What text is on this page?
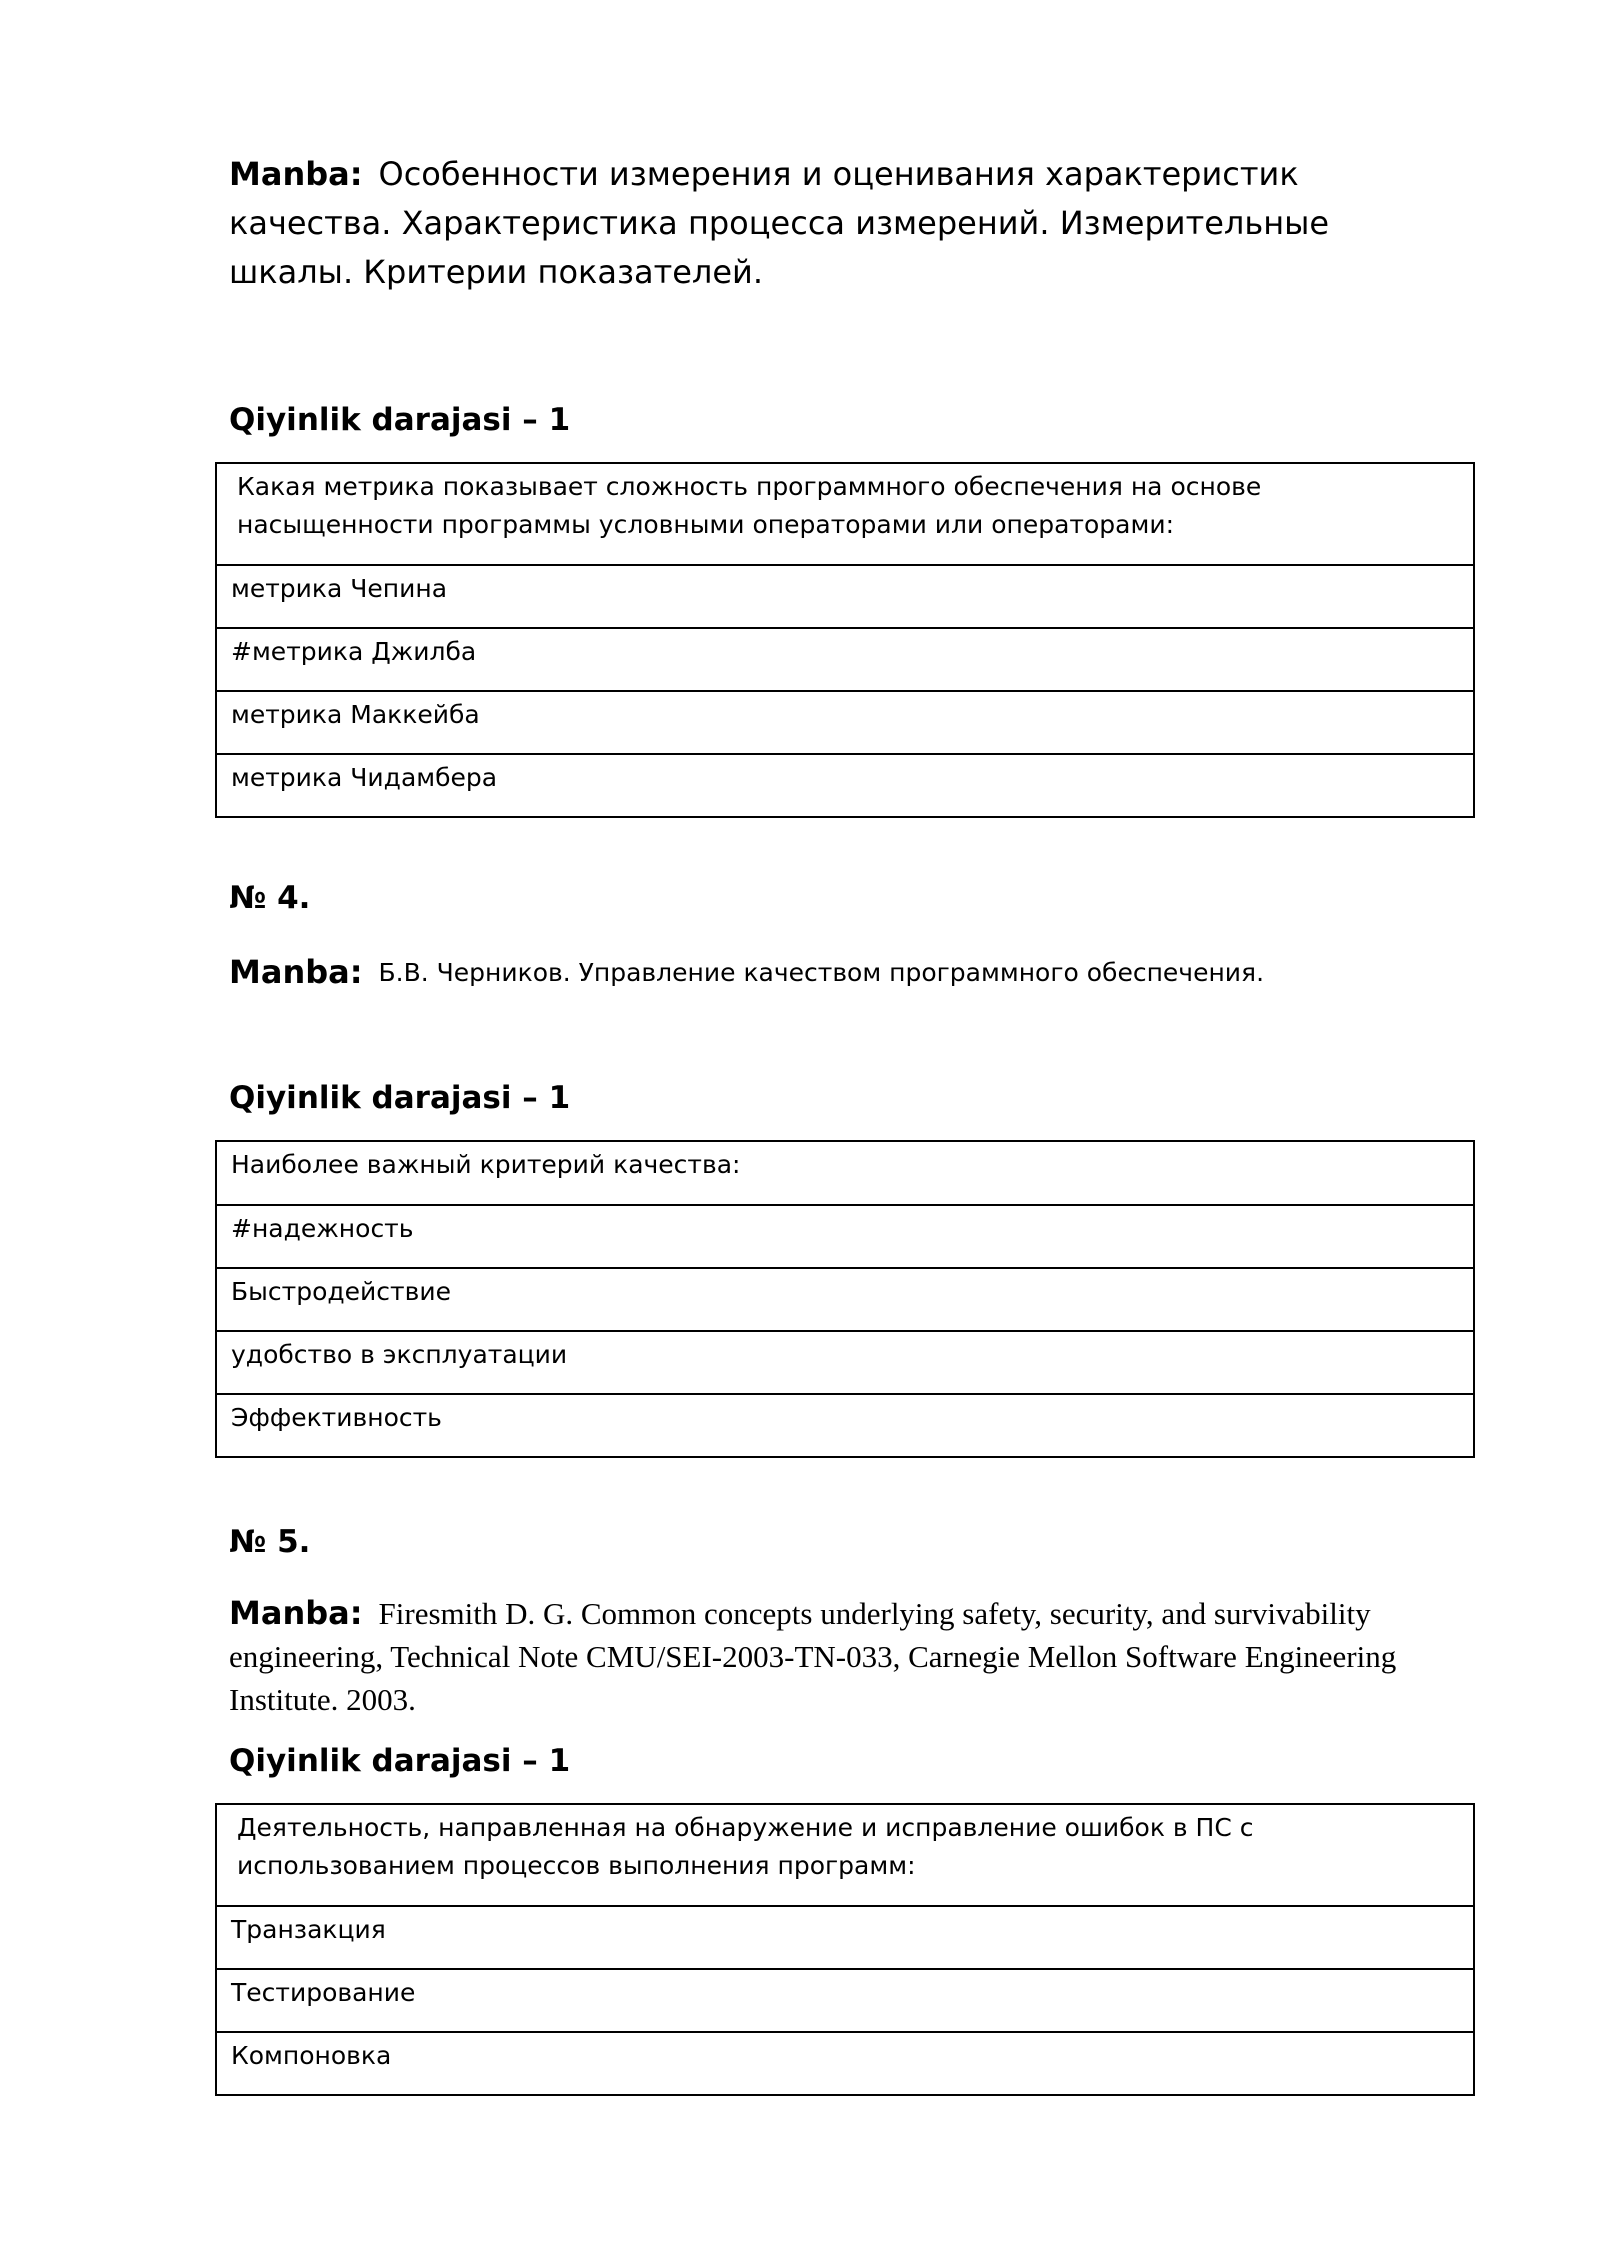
Manba: Особенности измерения и оценивания характеристик качества. Характеристика процесса измерений. Измерительные шкалы. Критерии показателей.

Qiyinlik darajasi – 1

Какая метрика показывает сложность программного обеспечения на основе насыщенности программы условными операторами или операторами:
метрика Чепина
#метрика Джилба
метрика Маккейба
метрика Чидамбера

№ 4.

Manba: Б.В. Черников. Управление качеством программного обеспечения.

Qiyinlik darajasi – 1

Наиболее важный критерий качества:
#надежность
Быстродействие
удобство в эксплуатации
Эффективность

№ 5.

Manba: Firesmith D. G. Common concepts underlying safety, security, and survivability engineering, Technical Note CMU/SEI-2003-TN-033, Carnegie Mellon Software Engineering Institute. 2003.

Qiyinlik darajasi – 1

Деятельность, направленная на обнаружение и исправление ошибок в ПС с использованием процессов выполнения программ:
Транзакция
Тестирование
Компоновка
